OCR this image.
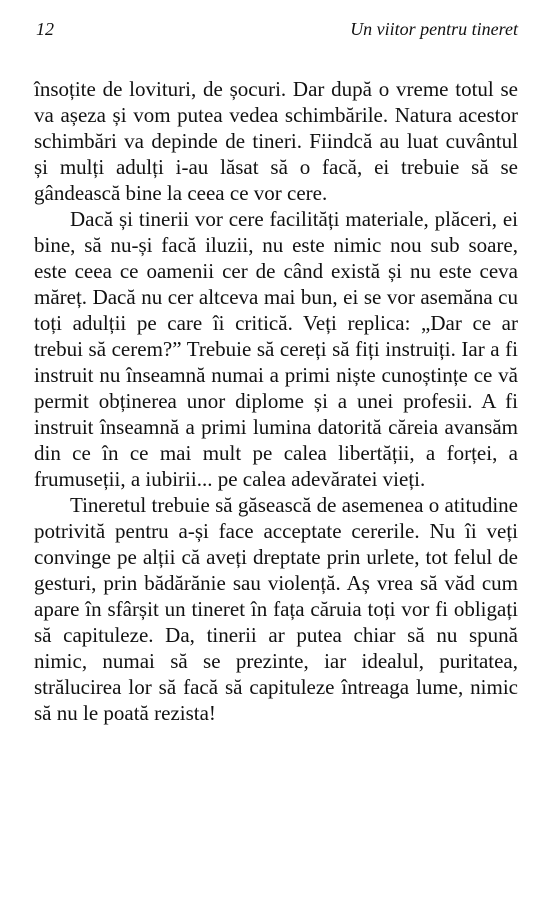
12	Un viitor pentru tineret

însoțite de lovituri, de șocuri. Dar după o vreme totul se va așeza și vom putea vedea schimbările. Natura acestor schimbări va depinde de tineri. Fiindcă au luat cuvântul și mulți adulți i-au lăsat să o facă, ei trebuie să se gândească bine la ceea ce vor cere.

Dacă și tinerii vor cere facilități materiale, plăceri, ei bine, să nu-și facă iluzii, nu este nimic nou sub soare, este ceea ce oamenii cer de când există și nu este ceva măreț. Dacă nu cer altceva mai bun, ei se vor asemăna cu toți adulții pe care îi critică. Veți replica: „Dar ce ar trebui să cerem?” Trebuie să cereți să fiți instruiți. Iar a fi instruit nu înseamnă numai a primi niște cunoștințe ce vă permit obținerea unor diplome și a unei profesii. A fi instruit înseamnă a primi lumina datorită căreia avansăm din ce în ce mai mult pe calea libertății, a forței, a frumuseții, a iubirii... pe calea adevăratei vieți.

Tineretul trebuie să găsească de asemenea o atitudine potrivită pentru a-și face acceptate cererile. Nu îi veți convinge pe alții că aveți dreptate prin urlete, tot felul de gesturi, prin bădărănie sau violență. Aș vrea să văd cum apare în sfârșit un tineret în fața căruia toți vor fi obligați să capituleze. Da, tinerii ar putea chiar să nu spună nimic, numai să se prezinte, iar idealul, puritatea, strălucirea lor să facă să capituleze întreaga lume, nimic să nu le poată rezista!
